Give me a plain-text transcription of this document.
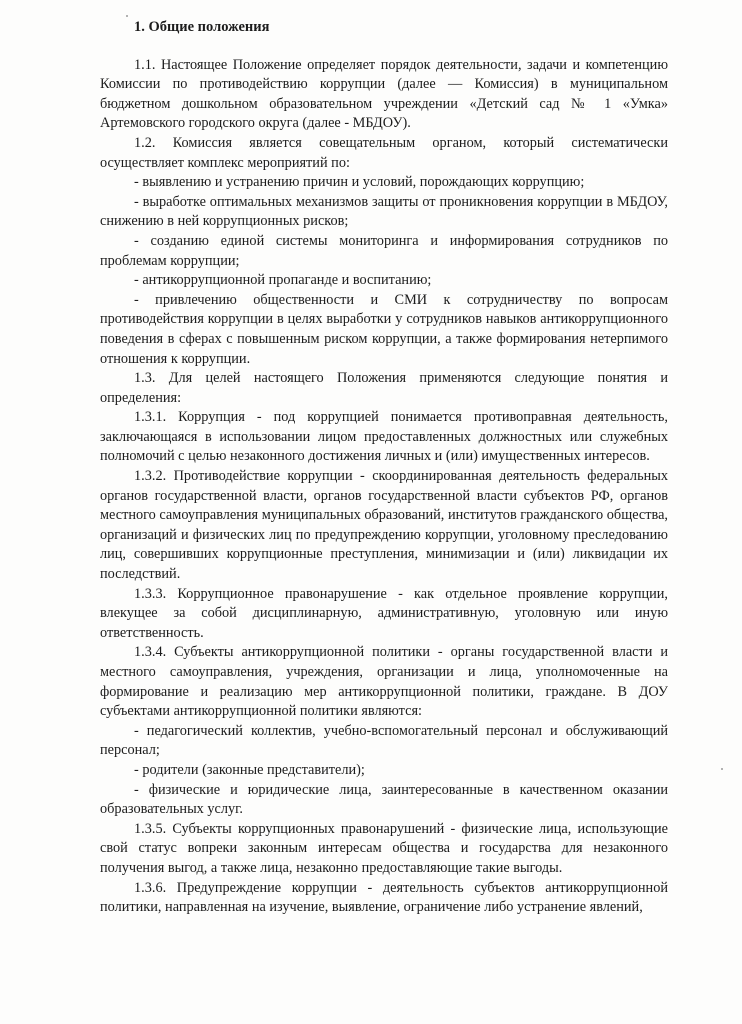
1. Общие положения

1.1. Настоящее Положение определяет порядок деятельности, задачи и компетенцию Комиссии по противодействию коррупции (далее — Комиссия) в муниципальном бюджетном дошкольном образовательном учреждении «Детский сад № 1 «Умка» Артемовского городского округа (далее - МБДОУ).

1.2. Комиссия является совещательным органом, который систематически осуществляет комплекс мероприятий по:

- выявлению и устранению причин и условий, порождающих коррупцию;

- выработке оптимальных механизмов защиты от проникновения коррупции в МБДОУ, снижению в ней коррупционных рисков;

- созданию единой системы мониторинга и информирования сотрудников по проблемам коррупции;

- антикоррупционной пропаганде и воспитанию;

- привлечению общественности и СМИ к сотрудничеству по вопросам противодействия коррупции в целях выработки у сотрудников навыков антикоррупционного поведения в сферах с повышенным риском коррупции, а также формирования нетерпимого отношения к коррупции.

1.3. Для целей настоящего Положения применяются следующие понятия и определения:

1.3.1. Коррупция - под коррупцией понимается противоправная деятельность, заключающаяся в использовании лицом предоставленных должностных или служебных полномочий с целью незаконного достижения личных и (или) имущественных интересов.

1.3.2. Противодействие коррупции - скоординированная деятельность федеральных органов государственной власти, органов государственной власти субъектов РФ, органов местного самоуправления муниципальных образований, институтов гражданского общества, организаций и физических лиц по предупреждению коррупции, уголовному преследованию лиц, совершивших коррупционные преступления, минимизации и (или) ликвидации их последствий.

1.3.3. Коррупционное правонарушение - как отдельное проявление коррупции, влекущее за собой дисциплинарную, административную, уголовную или иную ответственность.

1.3.4. Субъекты антикоррупционной политики - органы государственной власти и местного самоуправления, учреждения, организации и лица, уполномоченные на формирование и реализацию мер антикоррупционной политики, граждане. В ДОУ субъектами антикоррупционной политики являются:

- педагогический коллектив, учебно-вспомогательный персонал и обслуживающий персонал;

- родители (законные представители);

- физические и юридические лица, заинтересованные в качественном оказании образовательных услуг.

1.3.5. Субъекты коррупционных правонарушений - физические лица, использующие свой статус вопреки законным интересам общества и государства для незаконного получения выгод, а также лица, незаконно предоставляющие такие выгоды.

1.3.6. Предупреждение коррупции - деятельность субъектов антикоррупционной политики, направленная на изучение, выявление, ограничение либо устранение явлений,
